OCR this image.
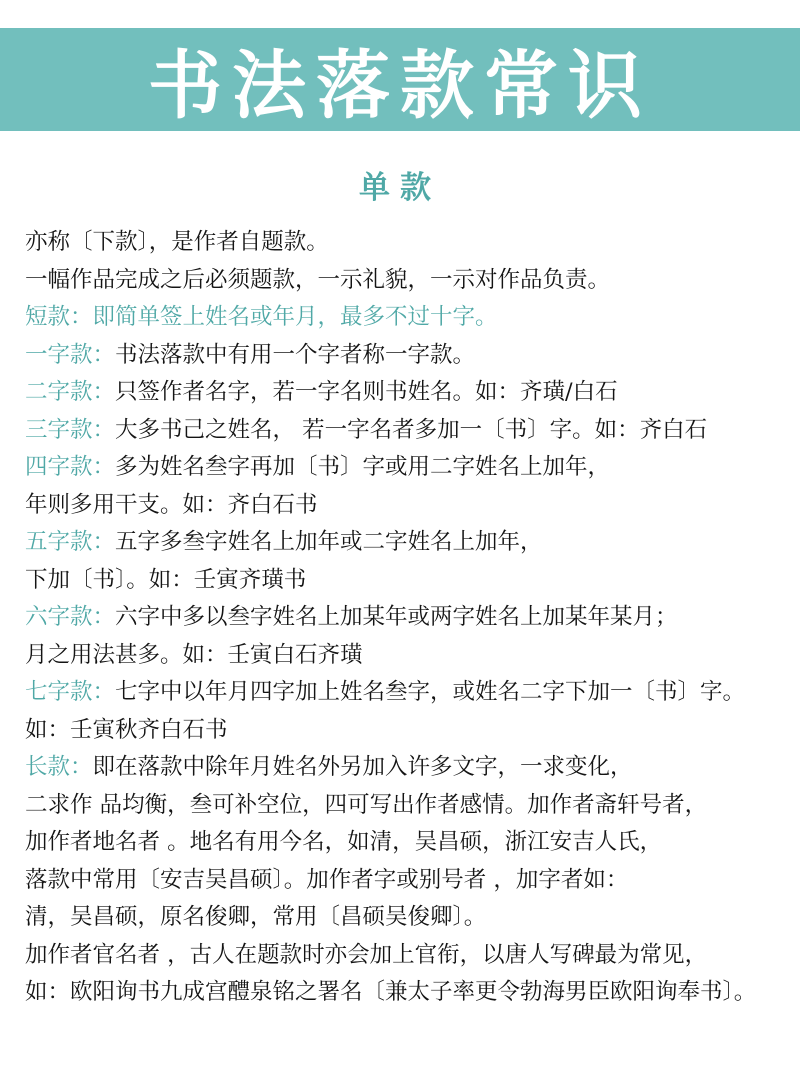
书法落款常识
单款
亦称〔下款〕，是作者自题款。
一幅作品完成之后必须题款，一示礼貌，一示对作品负责。
短款：即简单签上姓名或年月，最多不过十字。
一字款：书法落款中有用一个字者称一字款。
二字款：只签作者名字，若一字名则书姓名。如：齐璜/白石
三字款：大多书己之姓名， 若一字名者多加一〔书〕字。如：齐白石
四字款：多为姓名叁字再加〔书〕字或用二字姓名上加年，
年则多用干支。如：齐白石书
五字款：五字多叁字姓名上加年或二字姓名上加年，
下加〔书〕。如：壬寅齐璜书
六字款：六字中多以叁字姓名上加某年或两字姓名上加某年某月；
月之用法甚多。如：壬寅白石齐璜
七字款：七字中以年月四字加上姓名叁字，或姓名二字下加一〔书〕字。
如：壬寅秋齐白石书
长款：即在落款中除年月姓名外另加入许多文字，一求变化，
二求作 品均衡，叁可补空位，四可写出作者感情。加作者斋轩号者，
加作者地名者 。地名有用今名，如清，吴昌硕，浙江安吉人氏，
落款中常用〔安吉吴昌硕〕。加作者字或别号者 ，加字者如：
清，吴昌硕，原名俊卿，常用〔昌硕吴俊卿〕。
加作者官名者 ，古人在题款时亦会加上官衔，以唐人写碑最为常见，
如：欧阳询书九成宫醴泉铭之署名〔兼太子率更令勃海男臣欧阳询奉书〕。
